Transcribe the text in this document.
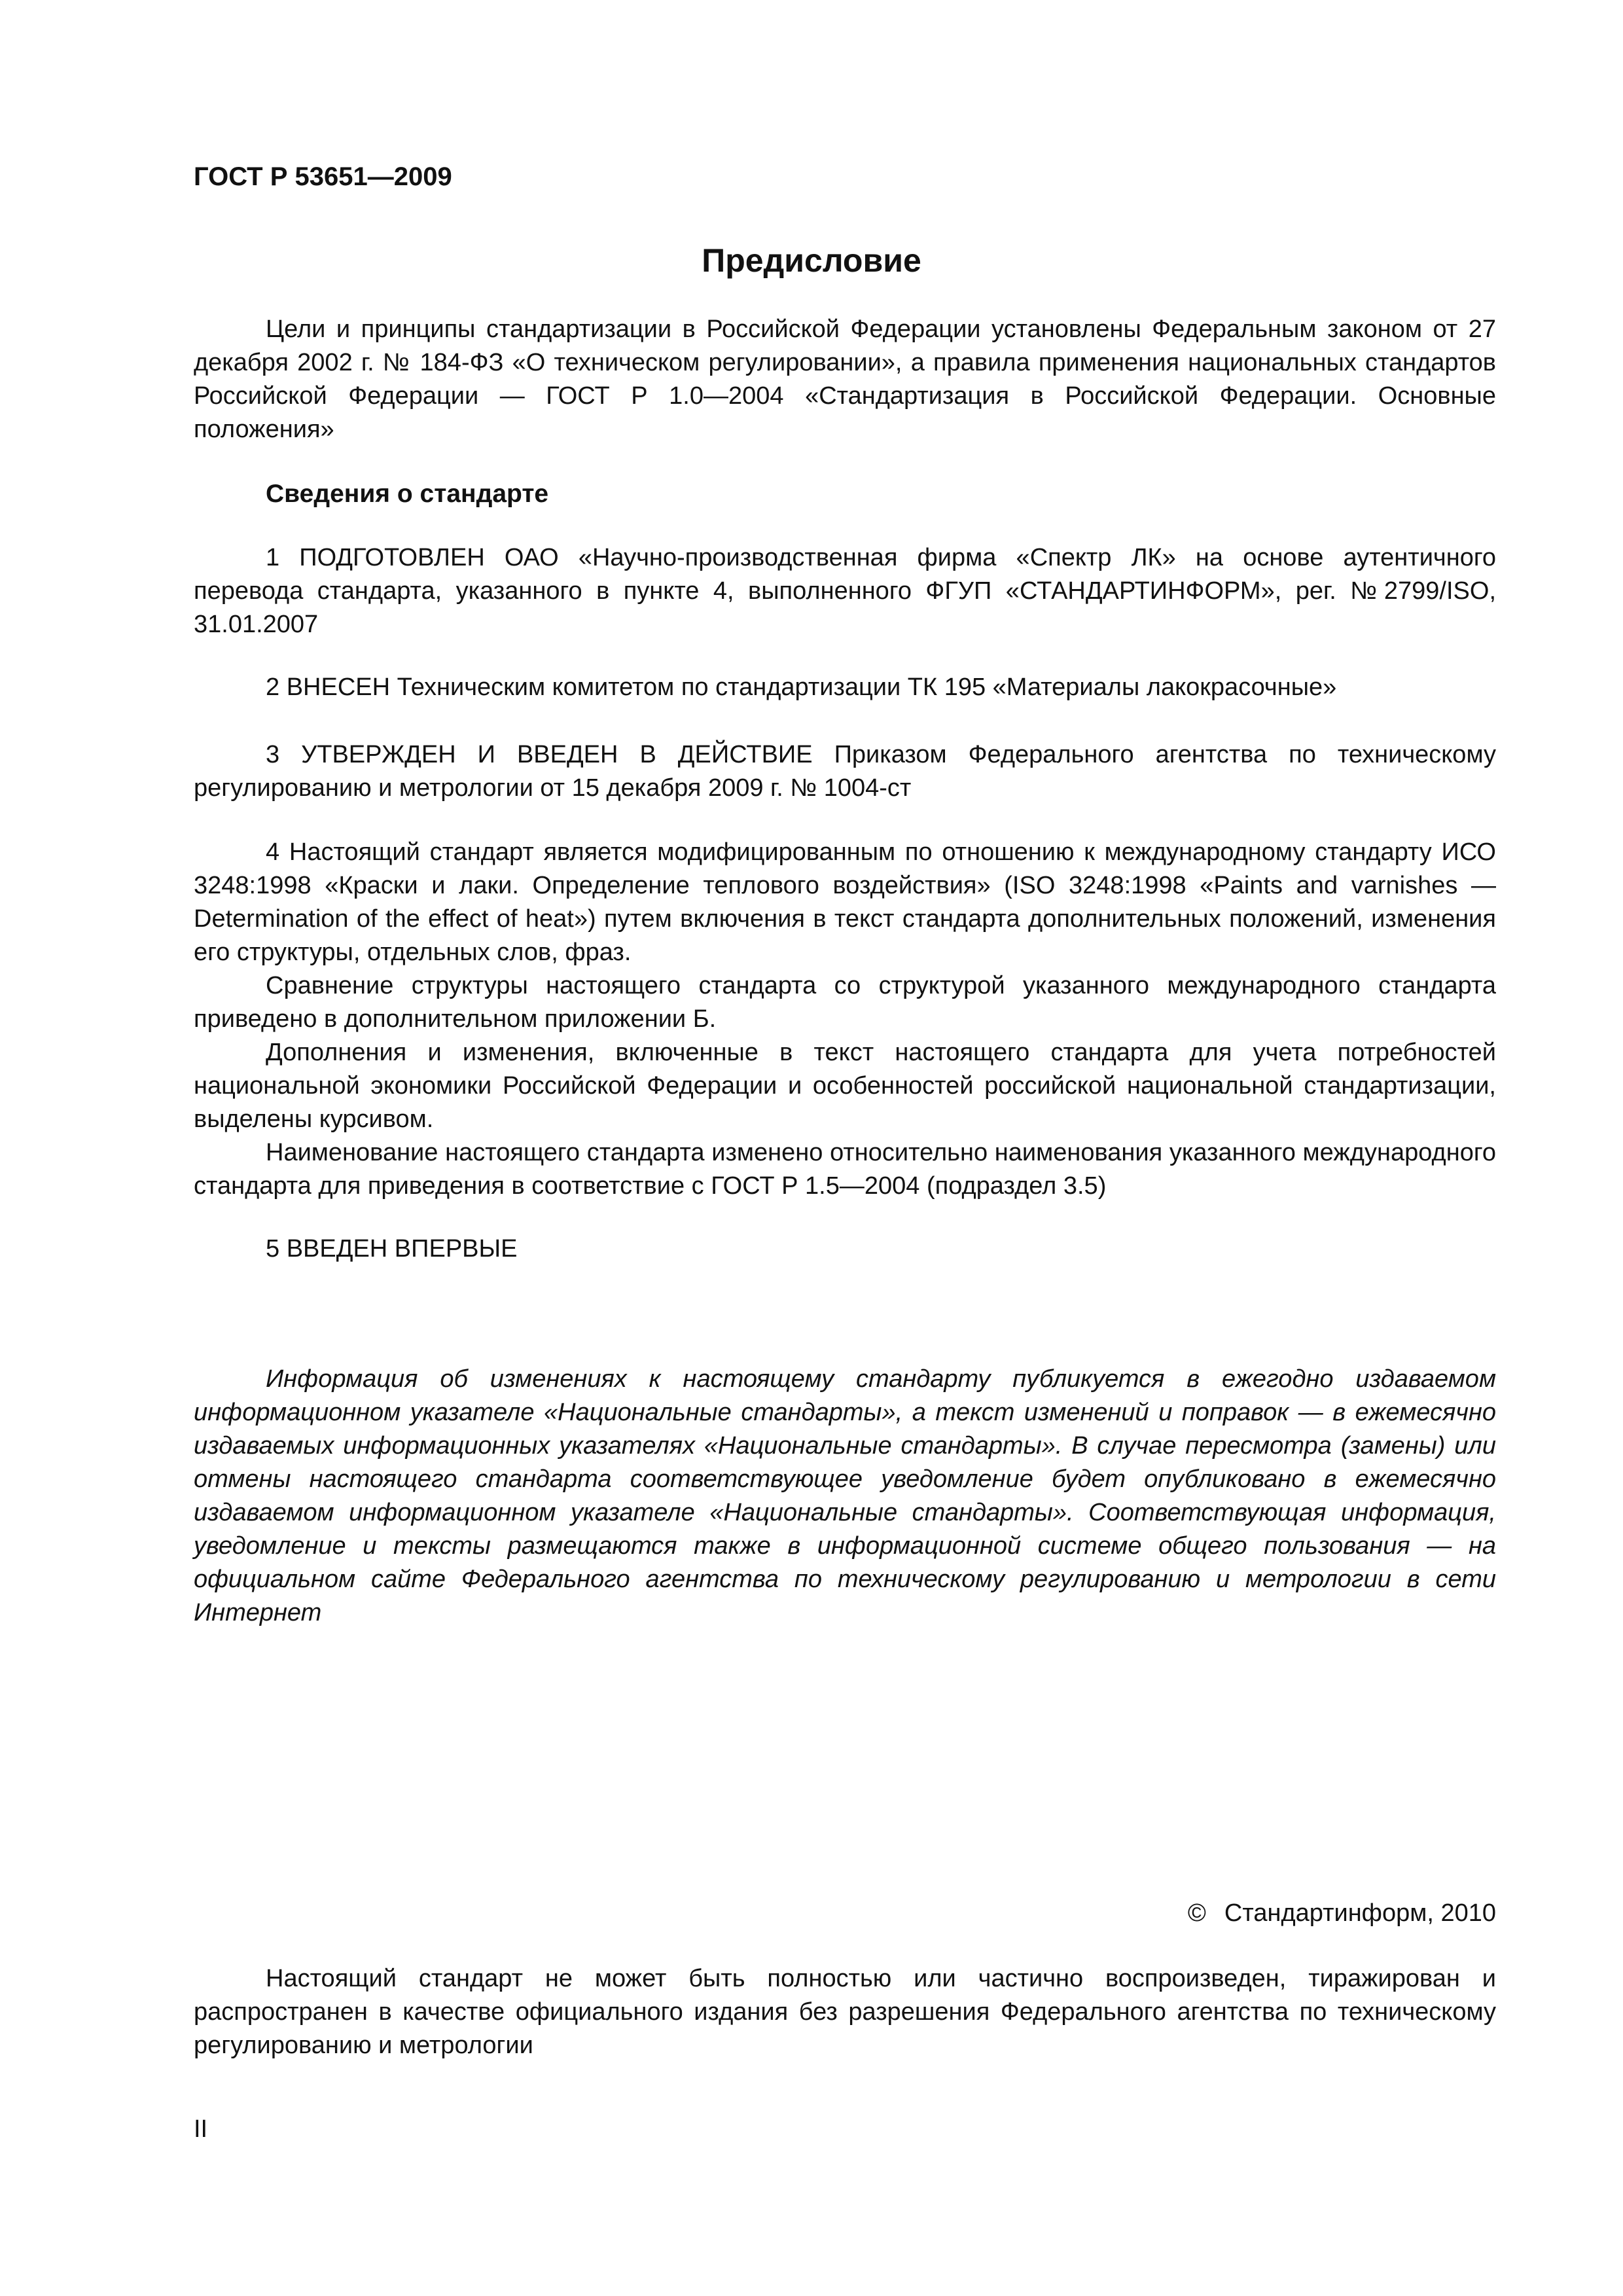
ГОСТ Р 53651—2009

Предисловие

Цели и принципы стандартизации в Российской Федерации установлены Федеральным законом от 27 декабря 2002 г. № 184-ФЗ «О техническом регулировании», а правила применения национальных стандартов Российской Федерации — ГОСТ Р 1.0—2004 «Стандартизация в Российской Федерации. Основные положения»

Сведения о стандарте

1 ПОДГОТОВЛЕН ОАО «Научно-производственная фирма «Спектр ЛК» на основе аутентичного перевода стандарта, указанного в пункте 4, выполненного ФГУП «СТАНДАРТИНФОРМ», рег. №2799/ISO, 31.01.2007

2 ВНЕСЕН Техническим комитетом по стандартизации ТК 195 «Материалы лакокрасочные»

3 УТВЕРЖДЕН И ВВЕДЕН В ДЕЙСТВИЕ Приказом Федерального агентства по техническому регулированию и метрологии от 15 декабря 2009 г. № 1004-ст

4 Настоящий стандарт является модифицированным по отношению к международному стандарту ИСО 3248:1998 «Краски и лаки. Определение теплового воздействия» (ISO 3248:1998 «Paints and varnishes — Determination of the effect of heat») путем включения в текст стандарта дополнительных положений, изменения его структуры, отдельных слов, фраз.

Сравнение структуры настоящего стандарта со структурой указанного международного стандарта приведено в дополнительном приложении Б.

Дополнения и изменения, включенные в текст настоящего стандарта для учета потребностей национальной экономики Российской Федерации и особенностей российской национальной стандартизации, выделены курсивом.

Наименование настоящего стандарта изменено относительно наименования указанного международного стандарта для приведения в соответствие с ГОСТ Р 1.5—2004 (подраздел 3.5)

5 ВВЕДЕН ВПЕРВЫЕ

Информация об изменениях к настоящему стандарту публикуется в ежегодно издаваемом информационном указателе «Национальные стандарты», а текст изменений и поправок — в ежемесячно издаваемых информационных указателях «Национальные стандарты». В случае пересмотра (замены) или отмены настоящего стандарта соответствующее уведомление будет опубликовано в ежемесячно издаваемом информационном указателе «Национальные стандарты». Соответствующая информация, уведомление и тексты размещаются также в информационной системе общего пользования — на официальном сайте Федерального агентства по техническому регулированию и метрологии в сети Интернет

© Стандартинформ, 2010

Настоящий стандарт не может быть полностью или частично воспроизведен, тиражирован и распространен в качестве официального издания без разрешения Федерального агентства по техническому регулированию и метрологии

II
